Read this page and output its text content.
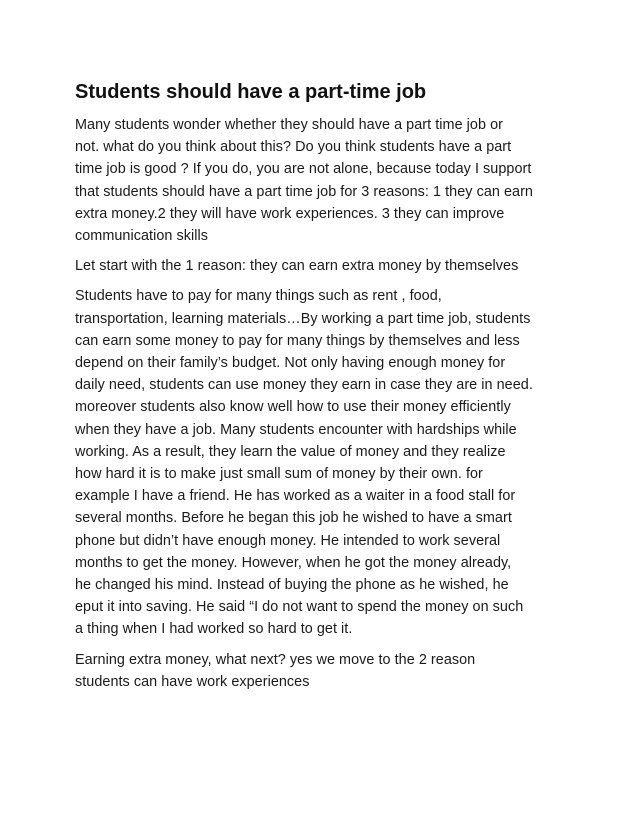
Students should have a part-time job
Many students wonder whether they should have a part time job or
not. what do you think about this? Do you think students have a part
time job is good ? If you do, you are not alone, because today I support
that students should have a part time job for 3 reasons: 1 they can earn
extra money.2 they will have work experiences. 3 they can improve
communication skills
Let start with the 1 reason: they can earn extra money by themselves
Students have to pay for many things such as rent , food,
transportation, learning materials…By working a part time job, students
can earn some money to pay for many things by themselves and less
depend on their family’s budget. Not only having enough money for
daily need, students can use money they earn in case they are in need.
moreover students also know well how to use their money efficiently
when they have a job. Many students encounter with hardships while
working. As a result, they learn the value of money and they realize
how hard it is to make just small sum of money by their own. for
example I have a friend. He has worked as a waiter in a food stall for
several months. Before he began this job he wished to have a smart
phone but didn’t have enough money. He intended to work several
months to get the money. However, when he got the money already,
he changed his mind. Instead of buying the phone as he wished, he
eput it into saving. He said “I do not want to spend the money on such
a thing when I had worked so hard to get it.
Earning extra money, what next? yes we move to the 2 reason
students can have work experiences
